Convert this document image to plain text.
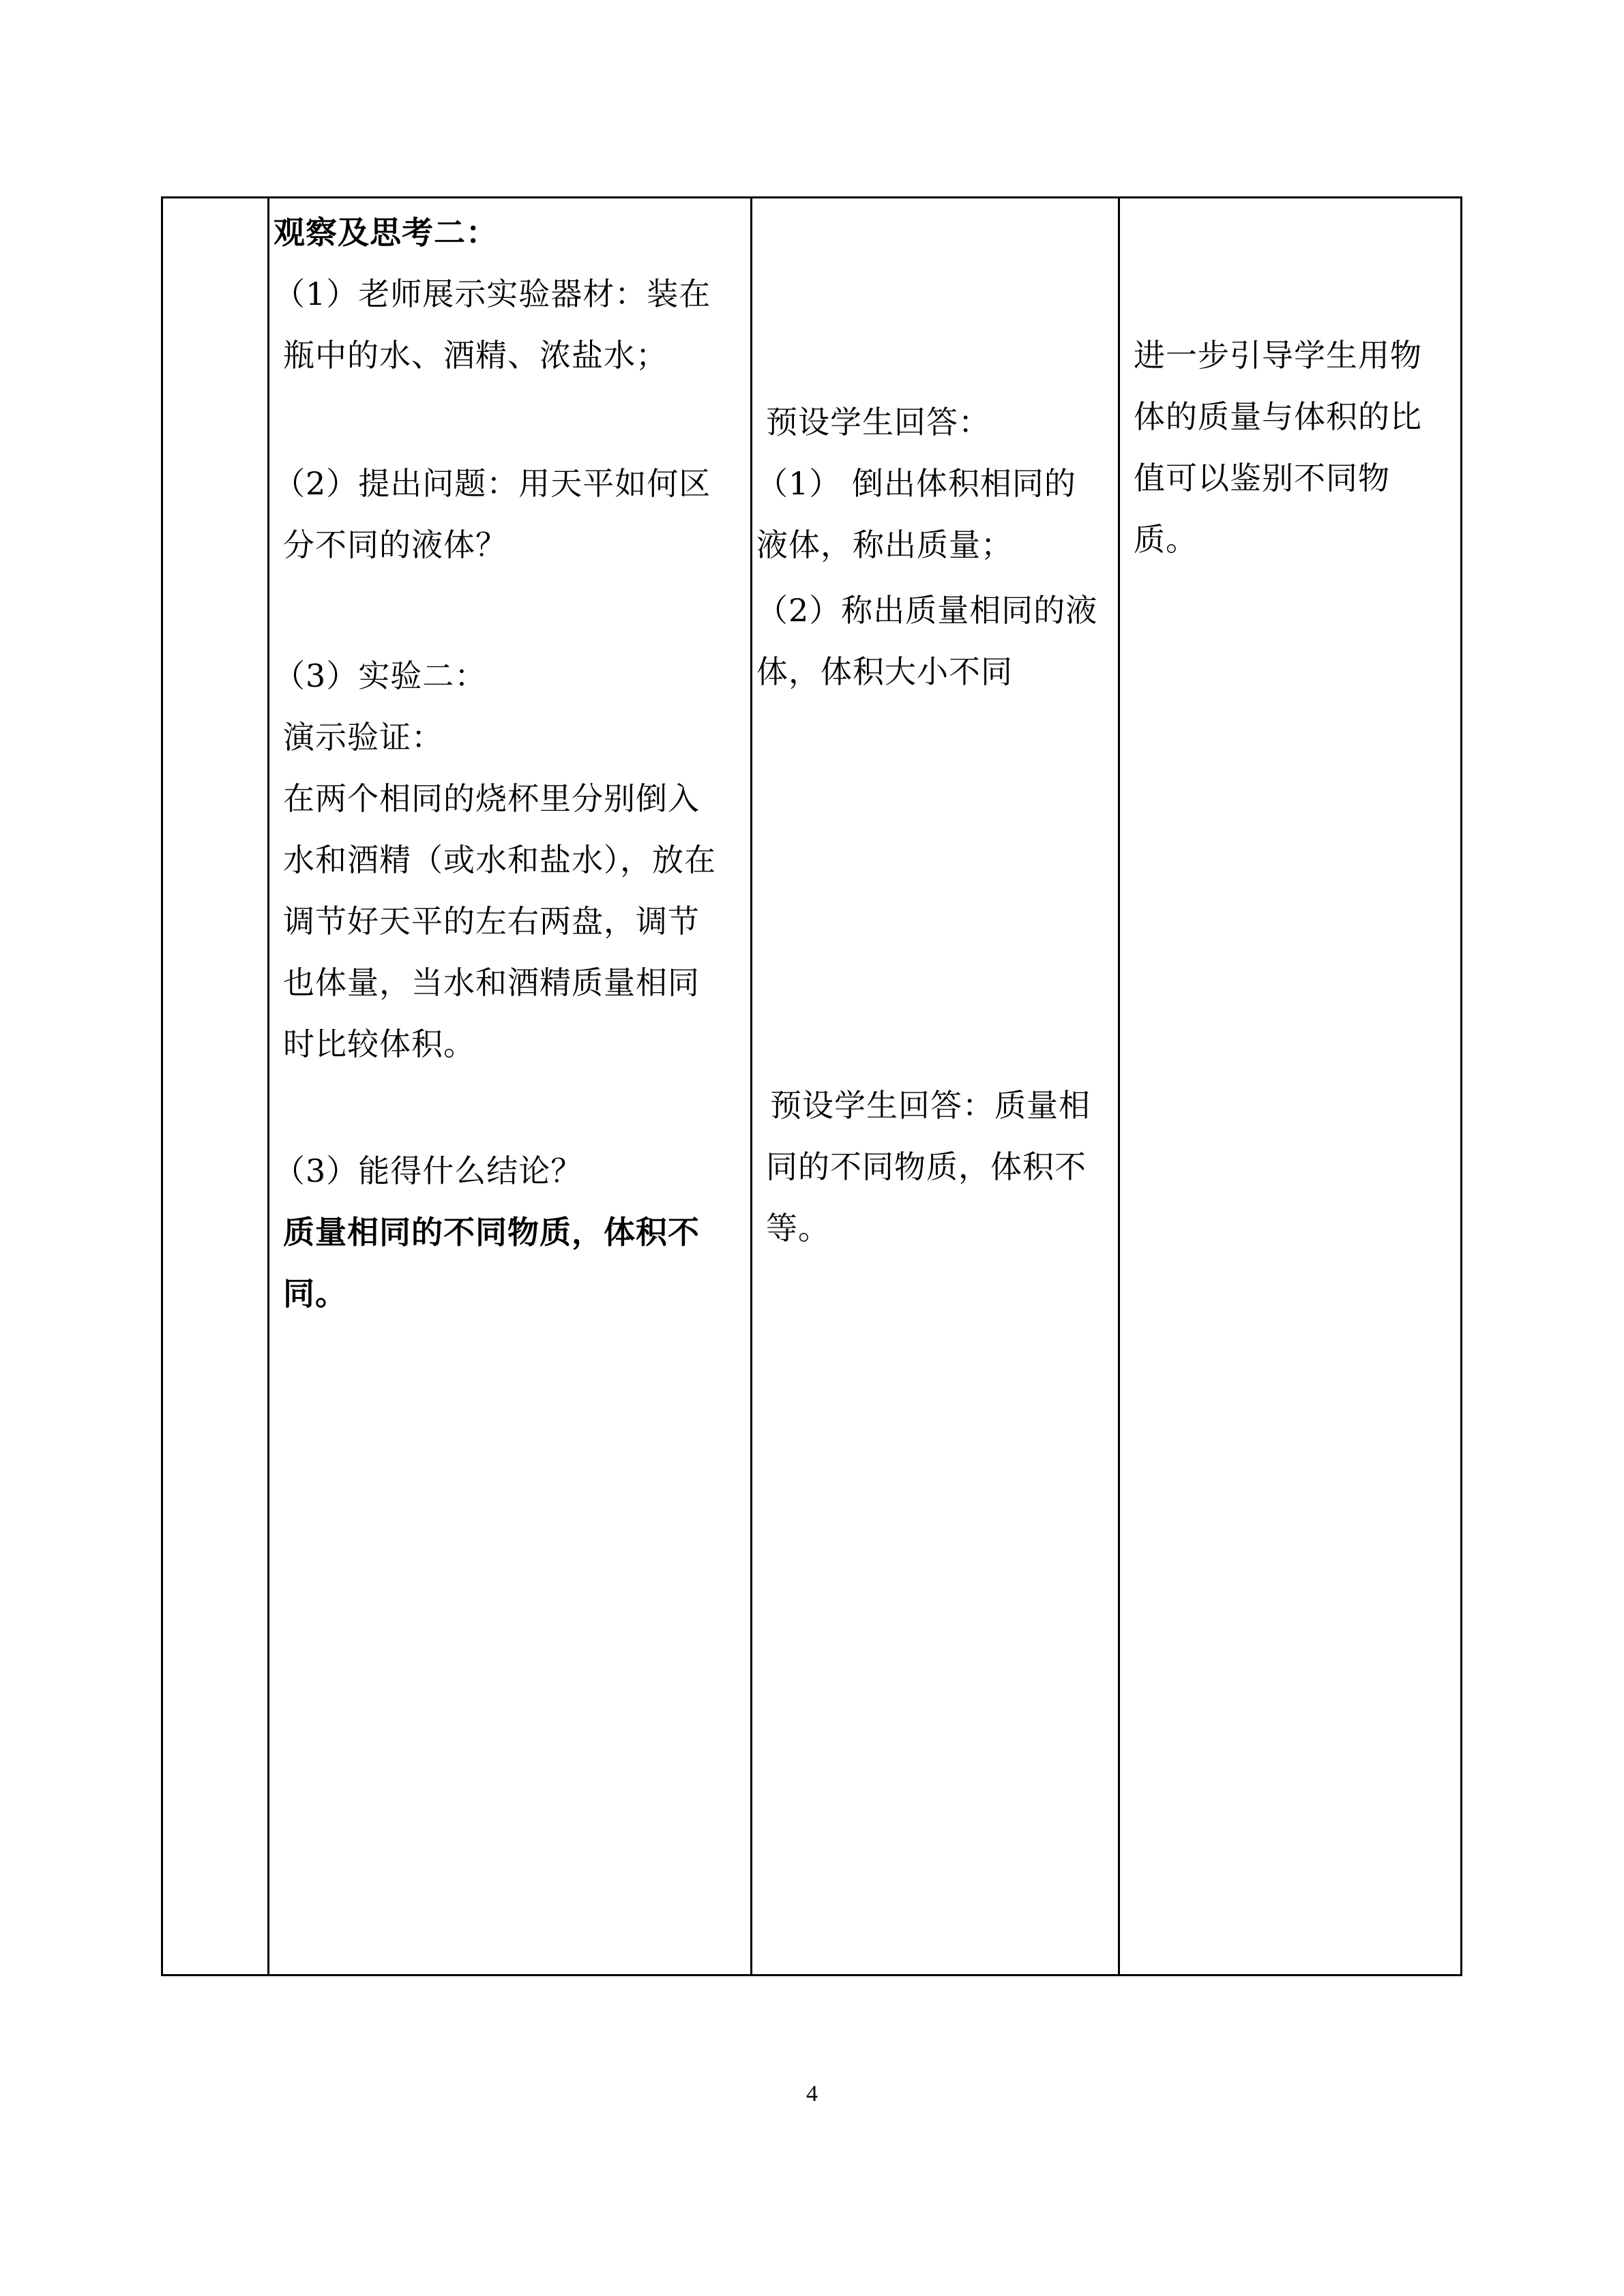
观察及思考二：
（1）老师展示实验器材：装在
瓶中的水、酒精、浓盐水；
（2）提出问题：用天平如何区
分不同的液体？
（3）实验二：
演示验证：
在两个相同的烧杯里分别倒入
水和酒精（或水和盐水），放在
调节好天平的左右两盘，调节
也体量，当水和酒精质量相同
时比较体积。
（3）能得什么结论？
质量相同的不同物质，体积不
同。
预设学生回答：
（1） 倒出体积相同的
液体，称出质量；
（2）称出质量相同的液
体，体积大小不同
预设学生回答：质量相
同的不同物质，体积不
等。
进一步引导学生用物
体的质量与体积的比
值可以鉴别不同物
质。
4
